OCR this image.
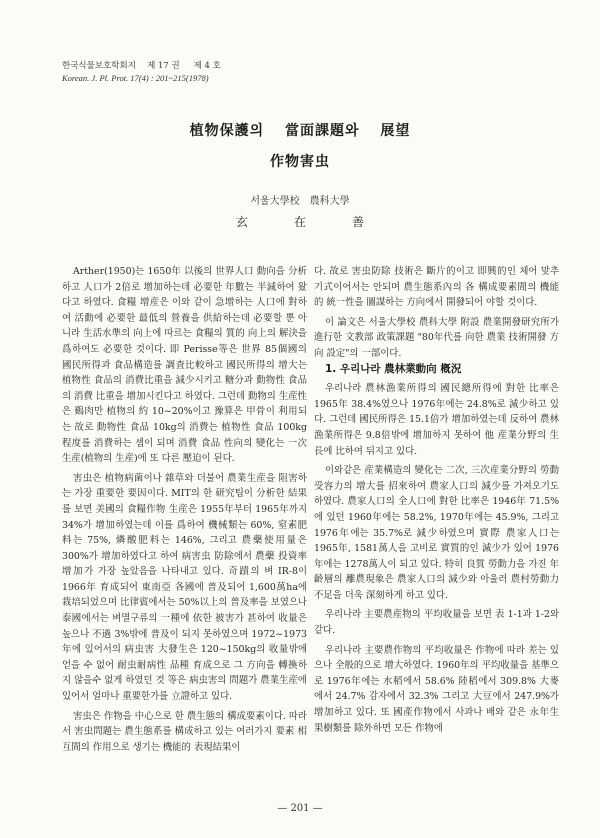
한국식물보호학회지　 제 17 권 　 제 4 호
Korean. J. Pl. Prot. 17(4) : 201~215(1978)
植物保護의　 當面課題와　 展望
作物害虫
서울大學校　農科大學
玄在善

Arther(1950)는 1650年 以後의 世界人口 動向을 分析하고 人口가 2倍로 增加하는데 必要한 年數는 半減하여 왔다고 하였다. 食糧 增産은 이와 같이 急增하는 人口에 對하여 活動에 必要한 最低의 營養을 供給하는데 必要할 뿐 아니라 生活水準의 向上에 따르는 食糧의 質的 向上의 解決을 爲하여도 必要한 것이다. 即 Perisse等은 世界 85個國의 國民所得과 食品構造를 調査比較하고 國民所得의 增大는 植物性 食品의 消費比重을 減少시키고 糖分과 動物性 食品의 消費 比重을 增加시킨다고 하였다. 그런데 動物의 生産性은 鷄肉만 植物의 約 10~20%이고 豫算은 甲骨이 利用되는 故로 動物性 食品 10kg의 消費는 植物性 食品 100kg 程度를 消費하는 셈이 되며 消費 食品 性向의 變化는 一次生産(植物의 生産)에 또 다른 壓迫이 된다.

害虫은 植物病菌이나 雜草와 더불어 農業生産을 阻害하는 가장 重要한 要因이다. MIT의 한 研究팀이 分析한 結果를 보면 美國의 食糧作物 生産은 1955年부터 1965年까지 34%가 增加하였는데 이를 爲하여 機械類는 60%, 窒素肥料는 75%, 燐酸肥料는 146%, 그리고 農藥使用量은 300%가 增加하였다고 하여 病害虫 防除에서 農藥 投資率 增加가 가장 높았음을 나타내고 있다. 奇蹟의 벼 IR-8이 1966年 育成되어 東南亞 各國에 普及되어 1,600萬ha에 栽培되었으며 比律賓에서는 50%以上의 普及率을 보였으나 泰國에서는 벼멸구류의 一種에 依한 被害가 甚하여 收量은 높으나 不過 3%밖에 普及이 되지 못하였으며 1972~1973年에 있어서의 病虫害 大發生은 120~150kg의 收量밖에 얻을 수 없어 耐虫耐病性 品種 育成으로 그 方向을 轉換하지 않을수 없게 하였던 것 等은 病虫害의 問題가 農業生産에 있어서 얼마나 重要한가를 立證하고 있다.

害虫은 作物을 中心으로 한 農生態의 構成要素이다. 따라서 害虫問題는 農生態系를 構成하고 있는 여러가지 要素 相互間의 作用으로 생기는 機能的 表現結果이

다. 故로 害虫防除 技術은 斷片的이고 即興的인 체어 맞추기式이어서는 안되며 農生態系內의 各 構成要素間의 機能的 統一性을 圖謀하는 方向에서 開發되어 야할 것이다.

이 論文은 서울大學校 農科大學 附設 農業開發研究所가 進行한 文教部 政策課題 "80年代를 向한 農業 技術開發 方向 設定"의 一部이다.

1. 우리나라 農林業動向 槪況

우리나라 農林漁業所得의 國民總所得에 對한 比率은 1965年 38.4%였으나 1976年에는 24.8%로 減少하고 있다. 그런데 國民所得은 15.1倍가 增加하였는데 反하여 農林漁業所得은 9.8倍밖에 增加하지 못하여 他 産業分野의 生長에 比하여 뒤지고 있다.

이와같은 産業構造의 變化는 二次, 三次産業分野의 勞動受容力의 增大를 招來하여 農家人口의 減少를 가져오기도 하였다. 農家人口의 全人口에 對한 比率은 1946年 71.5%에 있던 1960年에는 58.2%, 1970年에는 45.9%, 그리고 1976年에는 35.7%로 減少하였으며 實際 農家人口는 1965年, 1581萬人을 고비로 實質的인 減少가 있어 1976年에는 1278萬人이 되고 있다. 特히 良質 勞動力을 가진 年齡層의 離農現象은 農家人口의 減少와 아울러 農村勞動力不足을 더욱 深刻하게 하고 있다.

우리나라 主要農産物의 平均收量을 보면 表 1-1과 1-2와 같다.

우리나라 主要農作物의 平均收量은 作物에 따라 差는 있으나 全般的으로 增大하였다. 1960年의 平均收量을 基準으로 1976年에는 水稻에서 58.6% 陸稻에서 309.8% 大麥에서 24.7% 감자에서 32.3% 그리고 大豆에서 247.9%가 增加하고 있다. 또 國產作物에서 사과나 배와 같은 永年生 果樹類를 除外하면 모든 作物에

— 201 —
